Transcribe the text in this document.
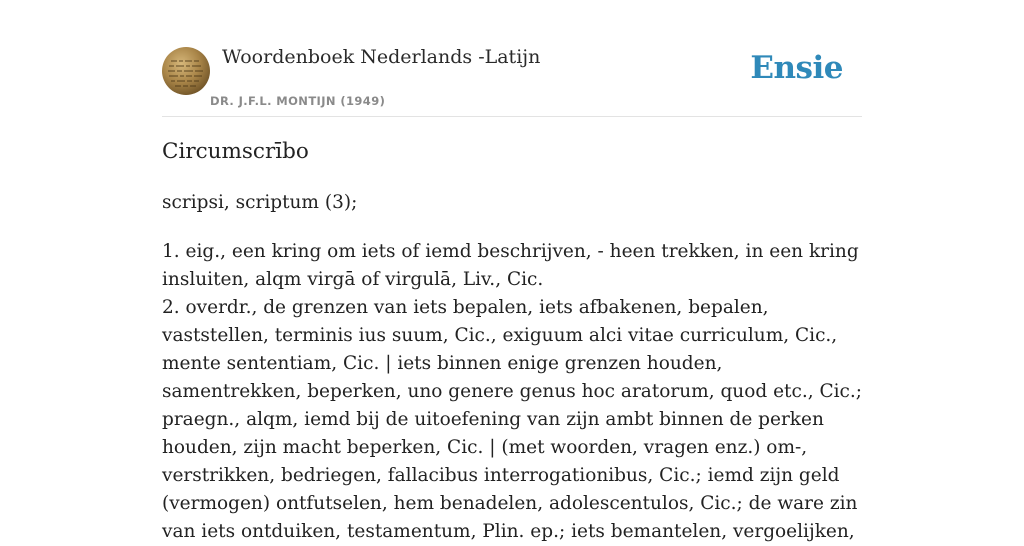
Woordenboek Nederlands -Latijn
DR. J.F.L. MONTIJN (1949)
Ensie
Circumscrībo
scripsi, scriptum (3);
1. eig., een kring om iets of iemd beschrijven, - heen trekken, in een kring insluiten, alqm virgā of virgulā, Liv., Cic.
2. overdr., de grenzen van iets bepalen, iets afbakenen, bepalen, vaststellen, terminis ius suum, Cic., exiguum alci vitae curriculum, Cic., mente sententiam, Cic. | iets binnen enige grenzen houden, samentrekken, beperken, uno genere genus hoc aratorum, quod etc., Cic.; praegn., alqm, iemd bij de uitoefening van zijn ambt binnen de perken houden, zijn macht beperken, Cic. | (met woorden, vragen enz.) om-, verstrikken, bedriegen, fallacibus interrogationibus, Cic.; iemd zijn geld (vermogen) ontfutselen, hem benadelen, adolescentulos, Cic.; de ware zin van iets ontduiken, testamentum, Plin. ep.; iets bemantelen, vergoelijken,
